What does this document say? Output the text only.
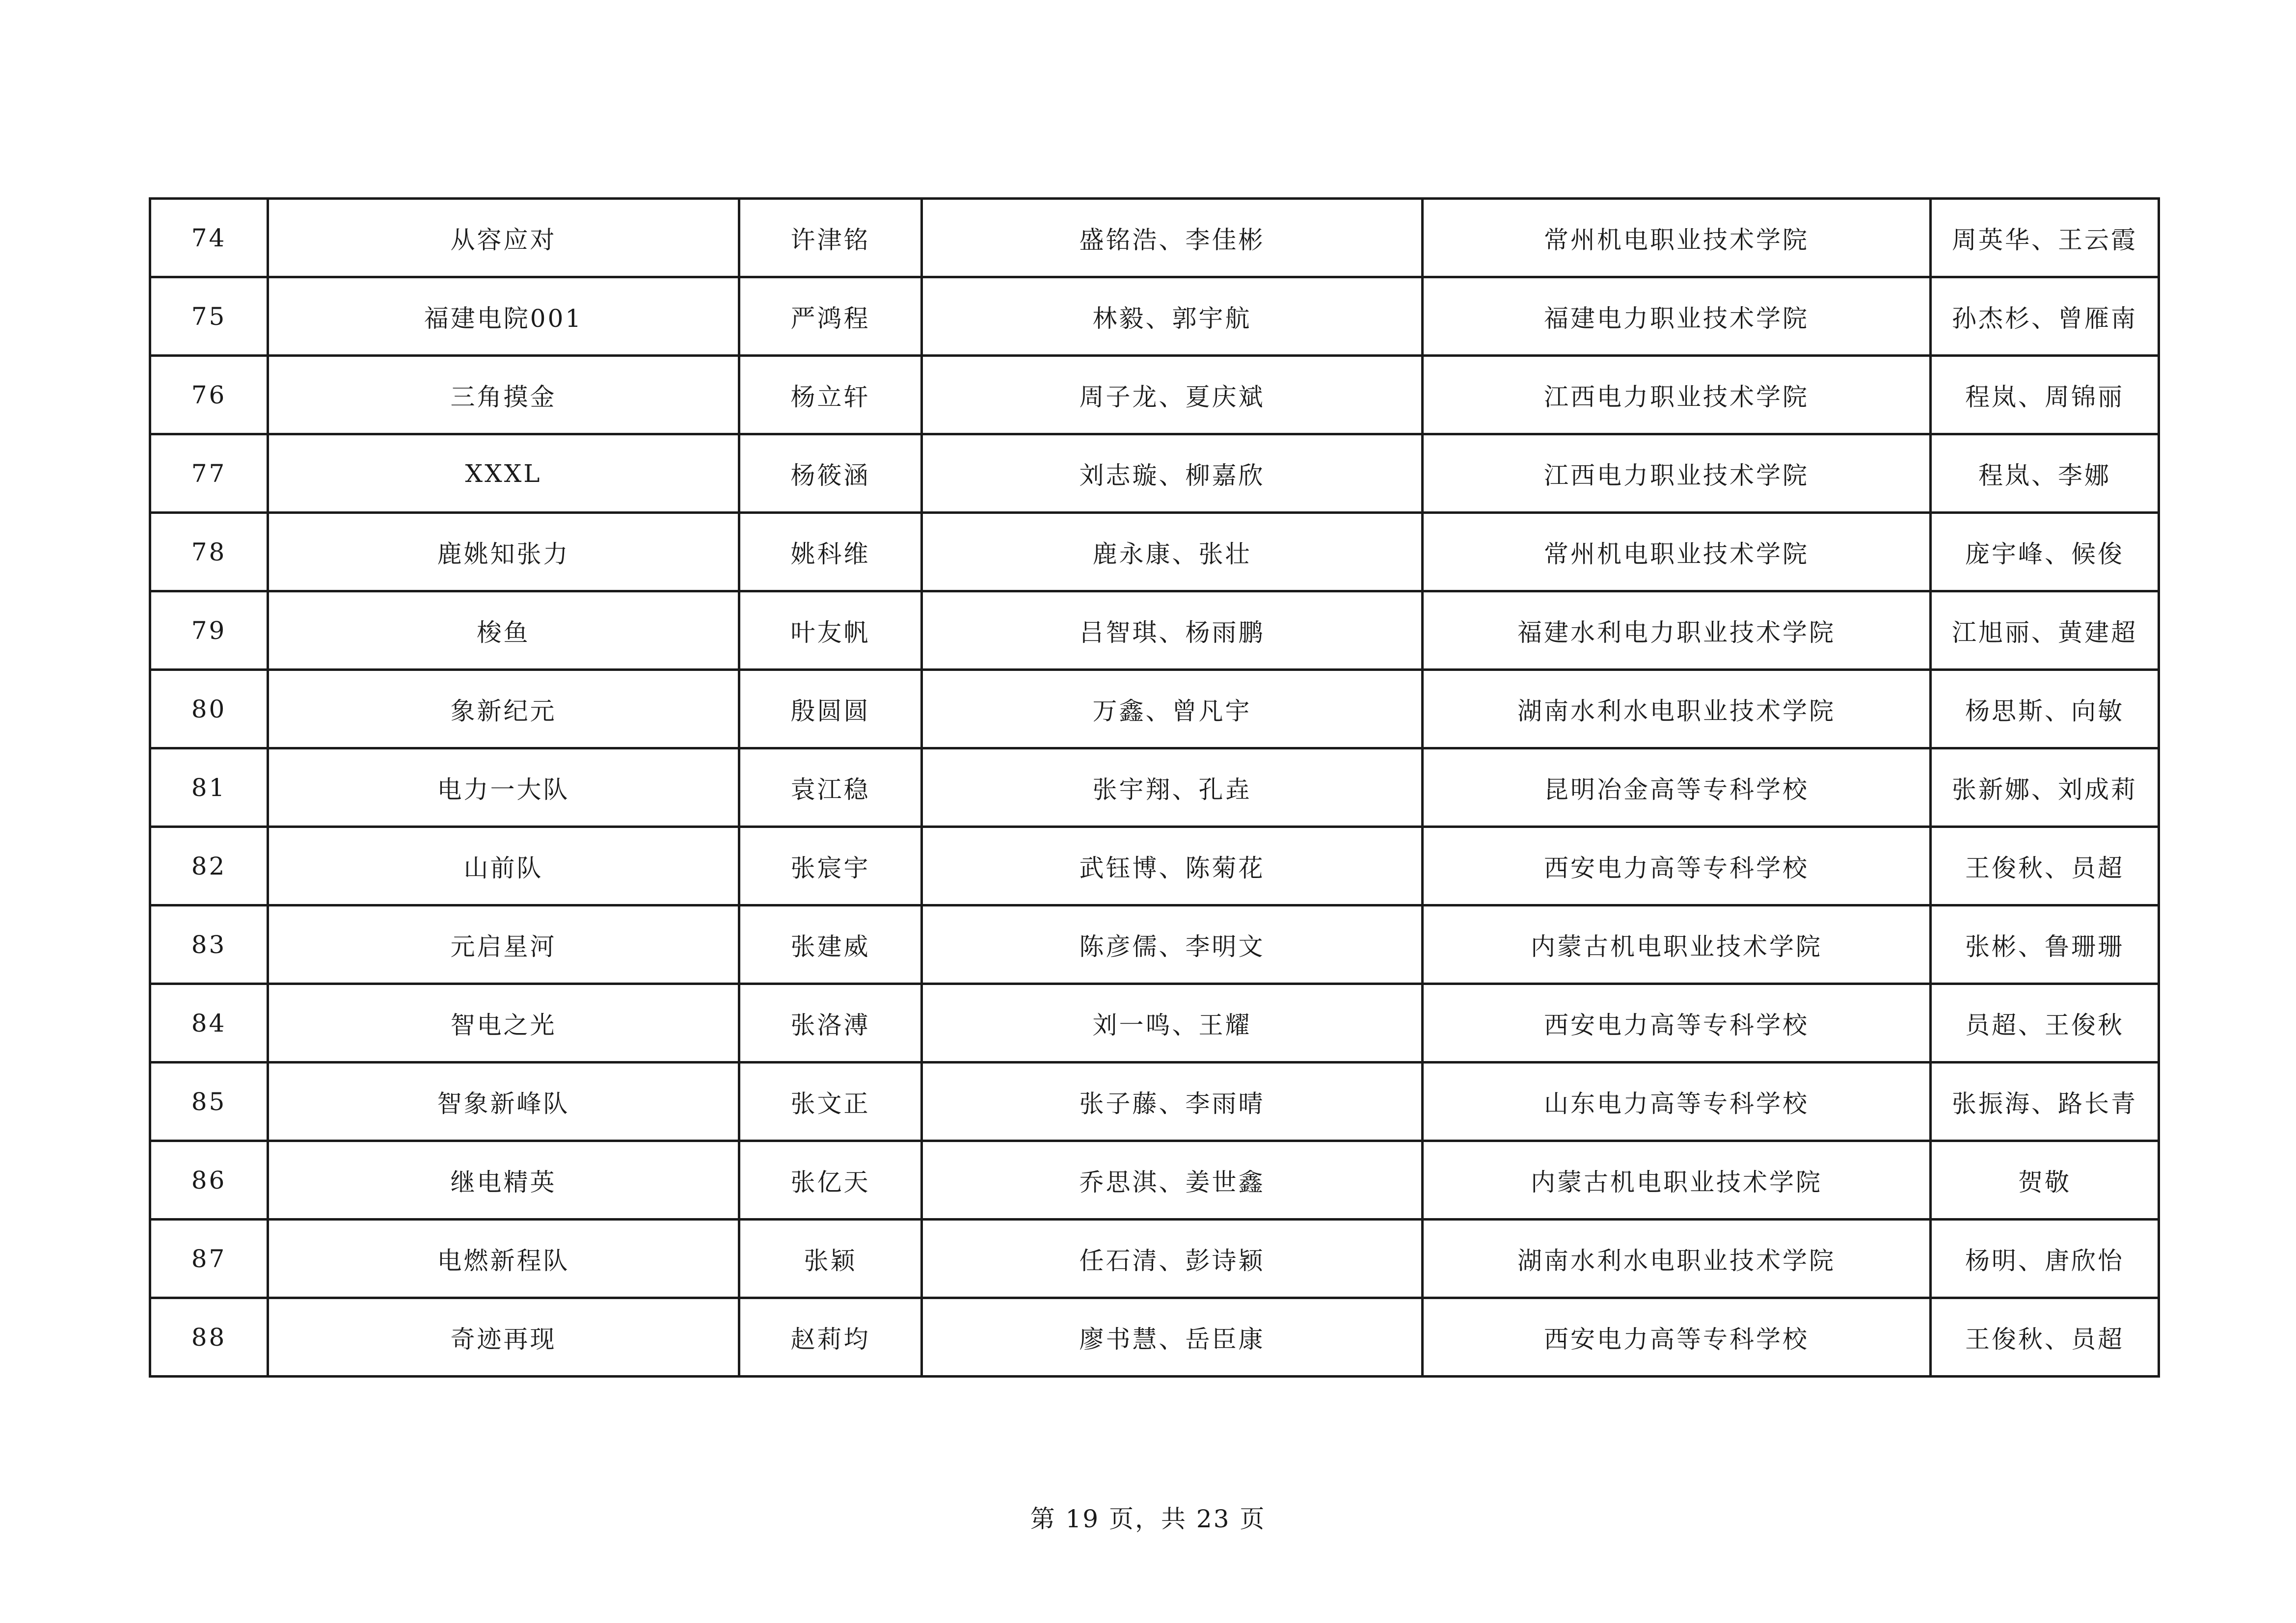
74	从容应对	许津铭	盛铭浩、李佳彬	常州机电职业技术学院	周英华、王云霞
75	福建电院001	严鸿程	林毅、郭宇航	福建电力职业技术学院	孙杰杉、曾雁南
76	三角摸金	杨立轩	周子龙、夏庆斌	江西电力职业技术学院	程岚、周锦丽
77	XXXL	杨筱涵	刘志璇、柳嘉欣	江西电力职业技术学院	程岚、李娜
78	鹿姚知张力	姚科维	鹿永康、张壮	常州机电职业技术学院	庞宇峰、候俊
79	梭鱼	叶友帆	吕智琪、杨雨鹏	福建水利电力职业技术学院	江旭丽、黄建超
80	象新纪元	殷圆圆	万鑫、曾凡宇	湖南水利水电职业技术学院	杨思斯、向敏
81	电力一大队	袁江稳	张宇翔、孔垚	昆明冶金高等专科学校	张新娜、刘成莉
82	山前队	张宸宇	武钰博、陈菊花	西安电力高等专科学校	王俊秋、员超
83	元启星河	张建威	陈彦儒、李明文	内蒙古机电职业技术学院	张彬、鲁珊珊
84	智电之光	张洛溥	刘一鸣、王耀	西安电力高等专科学校	员超、王俊秋
85	智象新峰队	张文正	张子藤、李雨晴	山东电力高等专科学校	张振海、路长青
86	继电精英	张亿天	乔思淇、姜世鑫	内蒙古机电职业技术学院	贺敬
87	电燃新程队	张颖	任石清、彭诗颖	湖南水利水电职业技术学院	杨明、唐欣怡
88	奇迹再现	赵莉均	廖书慧、岳臣康	西安电力高等专科学校	王俊秋、员超
第 19 页，共 23 页
